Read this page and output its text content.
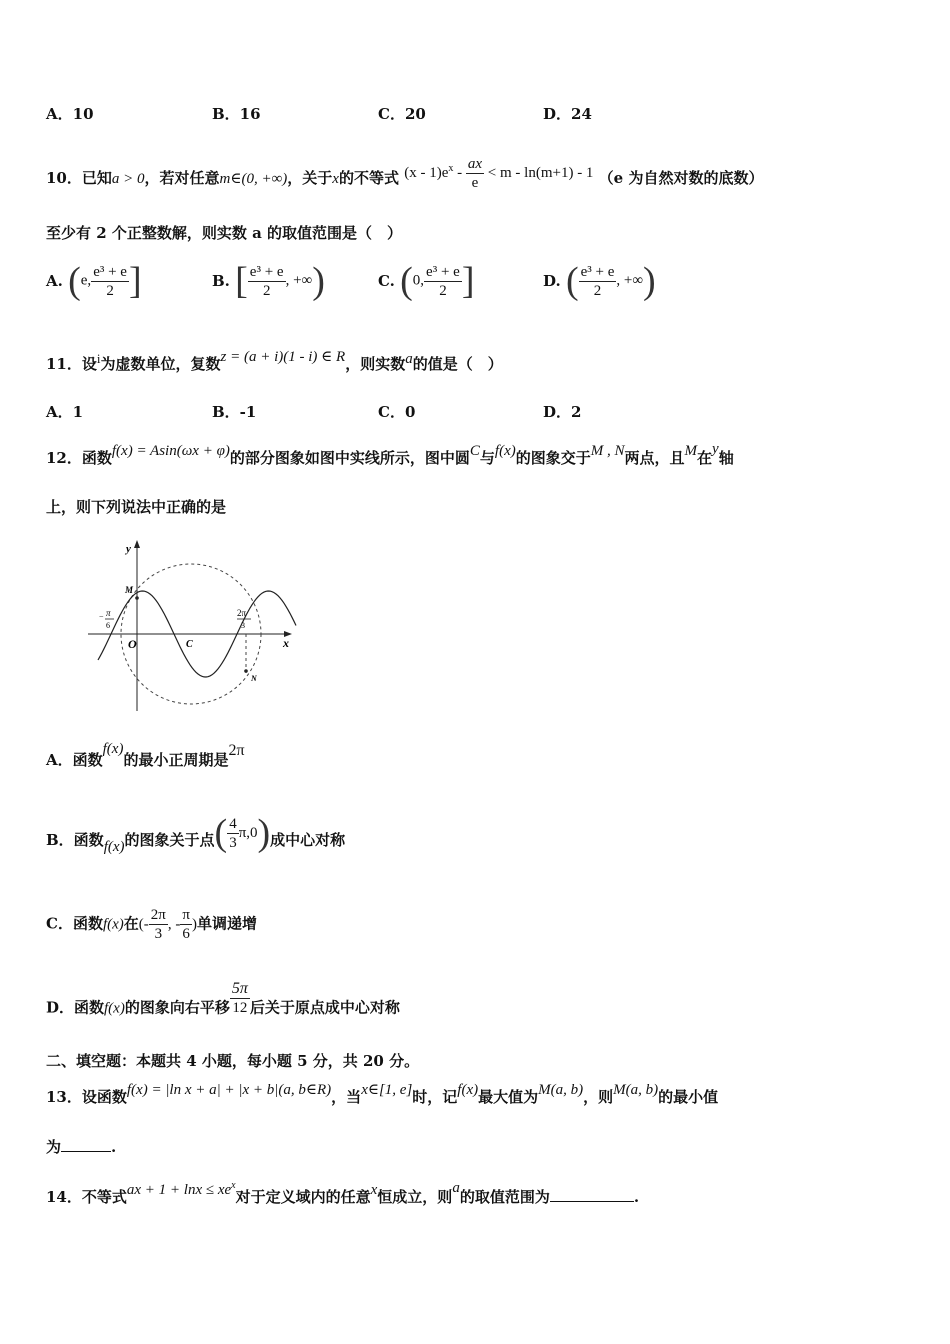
A．10	B．16	C．20	D．24
10．已知a > 0，若对任意m∈(0, +∞)，关于x的不等式 $(x - 1)e^x - \frac{ax}{e} < m - \ln(m+1) - 1$ （e 为自然对数的底数）
至少有 2 个正整数解，则实数 a 的取值范围是（　）
A. (e, $\frac{\text{e³ + e}}{2}$ ]	B. [ $\frac{\text{e³ + e}}{2}$ , +∞)	C. (0, $\frac{\text{e³ + e}}{2}$ ]	D. ( $\frac{\text{e³ + e}}{2}$ , +∞)
11．设i为虚数单位，复数z = (a + i)(1 - i) ∈ R，则实数a的值是（　）
A．1	B．-1	C．0	D．2
12．函数f(x) = Asin(ωx + φ)的部分图象如图中实线所示，图中圆C与f(x)的图象交于M , N两点，且M在y轴
上，则下列说法中正确的是
y
x
O
M
N
C
− π
6
2π
3
A．函数f(x)的最小正周期是2π
B．函数f(x)的图象关于点( $\frac{4}{3} \pi,0$)成中心对称
C．函数f(x)在(- $\frac{2\pi}{3}$ , - $\frac{\pi}{6}$ )单调递增
D．函数f(x)的图象向右平移 $\frac{5\pi}{12}$ 后关于原点成中心对称
二、填空题：本题共 4 小题，每小题 5 分，共 20 分。
13．设函数f(x) = |ln x + a| + |x + b|(a, b∈R)，当x∈[1, e]时，记f(x)最大值为M(a, b)，则M(a, b)的最小值
为	.
14．不等式ax + $1 + \ln x \le xe^x$对于定义域内的任意x恒成立，则a的取值范围为	.
